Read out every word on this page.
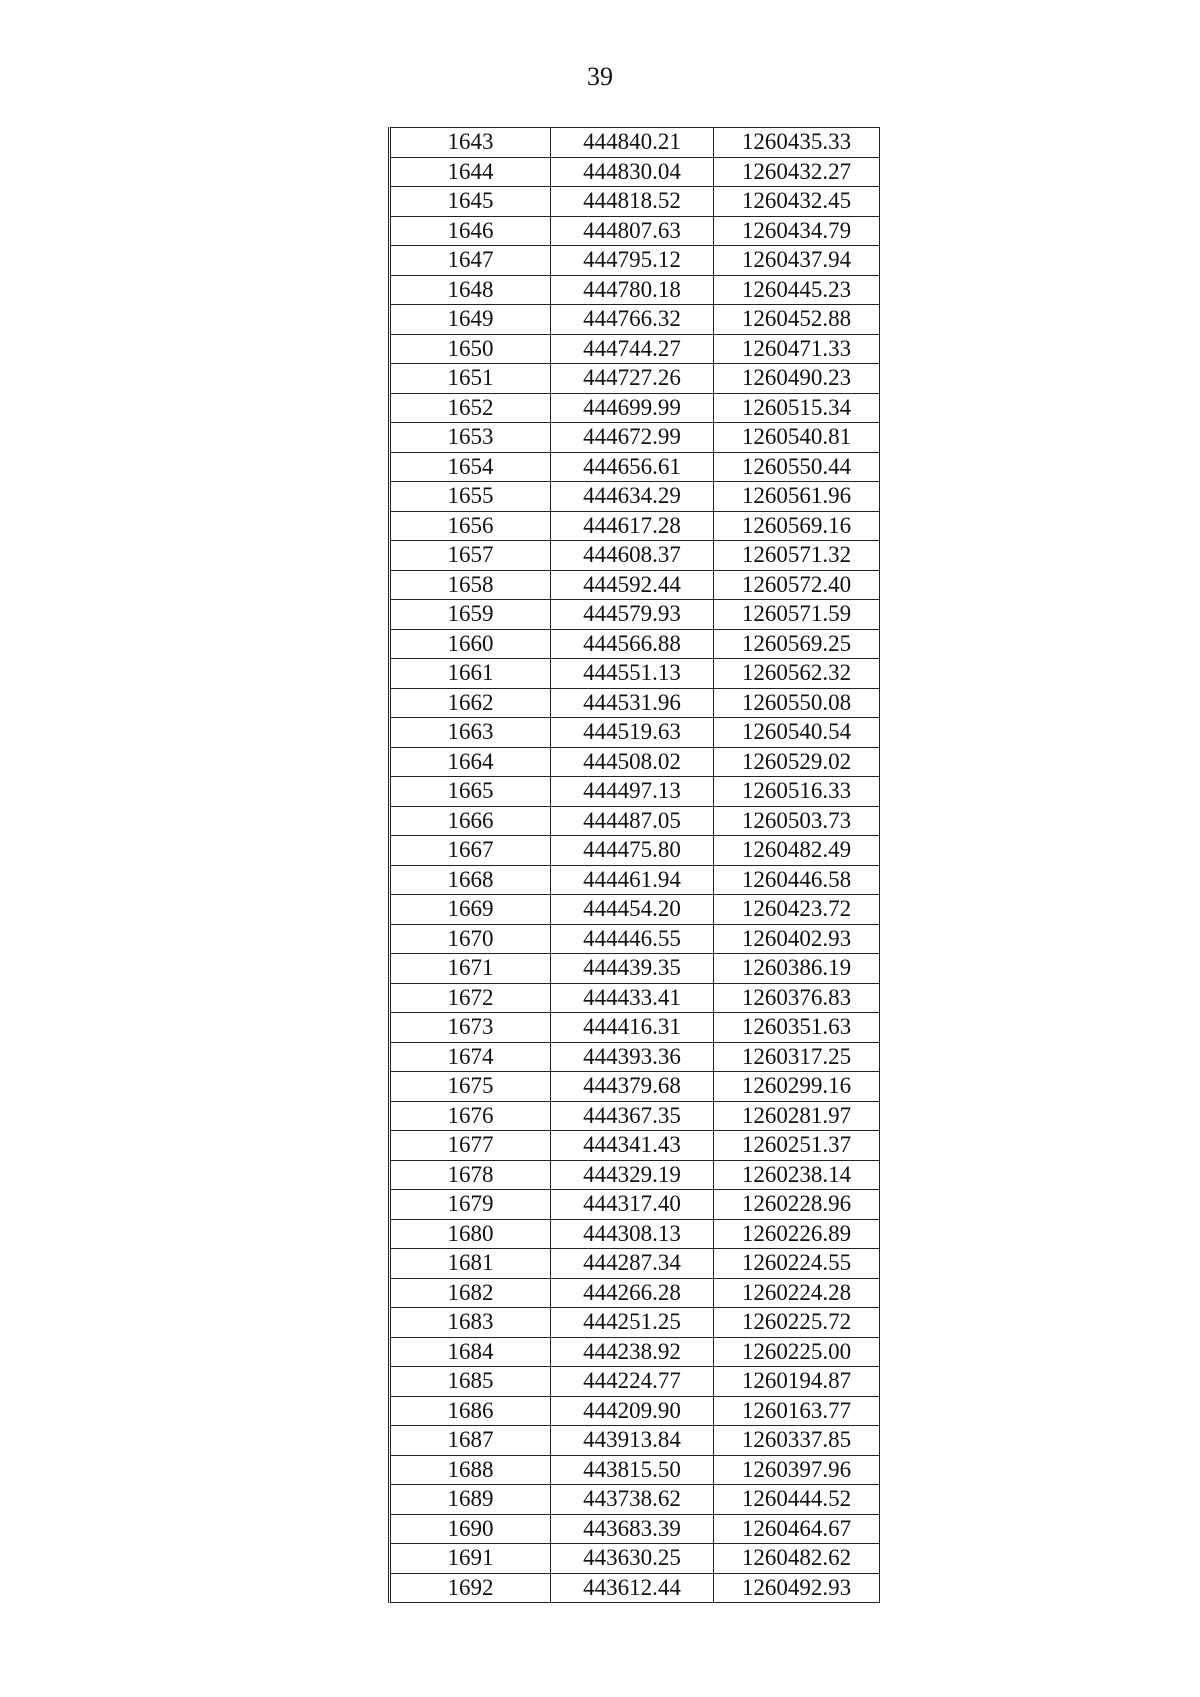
39
1643	444840.21	1260435.33
1644	444830.04	1260432.27
1645	444818.52	1260432.45
1646	444807.63	1260434.79
1647	444795.12	1260437.94
1648	444780.18	1260445.23
1649	444766.32	1260452.88
1650	444744.27	1260471.33
1651	444727.26	1260490.23
1652	444699.99	1260515.34
1653	444672.99	1260540.81
1654	444656.61	1260550.44
1655	444634.29	1260561.96
1656	444617.28	1260569.16
1657	444608.37	1260571.32
1658	444592.44	1260572.40
1659	444579.93	1260571.59
1660	444566.88	1260569.25
1661	444551.13	1260562.32
1662	444531.96	1260550.08
1663	444519.63	1260540.54
1664	444508.02	1260529.02
1665	444497.13	1260516.33
1666	444487.05	1260503.73
1667	444475.80	1260482.49
1668	444461.94	1260446.58
1669	444454.20	1260423.72
1670	444446.55	1260402.93
1671	444439.35	1260386.19
1672	444433.41	1260376.83
1673	444416.31	1260351.63
1674	444393.36	1260317.25
1675	444379.68	1260299.16
1676	444367.35	1260281.97
1677	444341.43	1260251.37
1678	444329.19	1260238.14
1679	444317.40	1260228.96
1680	444308.13	1260226.89
1681	444287.34	1260224.55
1682	444266.28	1260224.28
1683	444251.25	1260225.72
1684	444238.92	1260225.00
1685	444224.77	1260194.87
1686	444209.90	1260163.77
1687	443913.84	1260337.85
1688	443815.50	1260397.96
1689	443738.62	1260444.52
1690	443683.39	1260464.67
1691	443630.25	1260482.62
1692	443612.44	1260492.93
